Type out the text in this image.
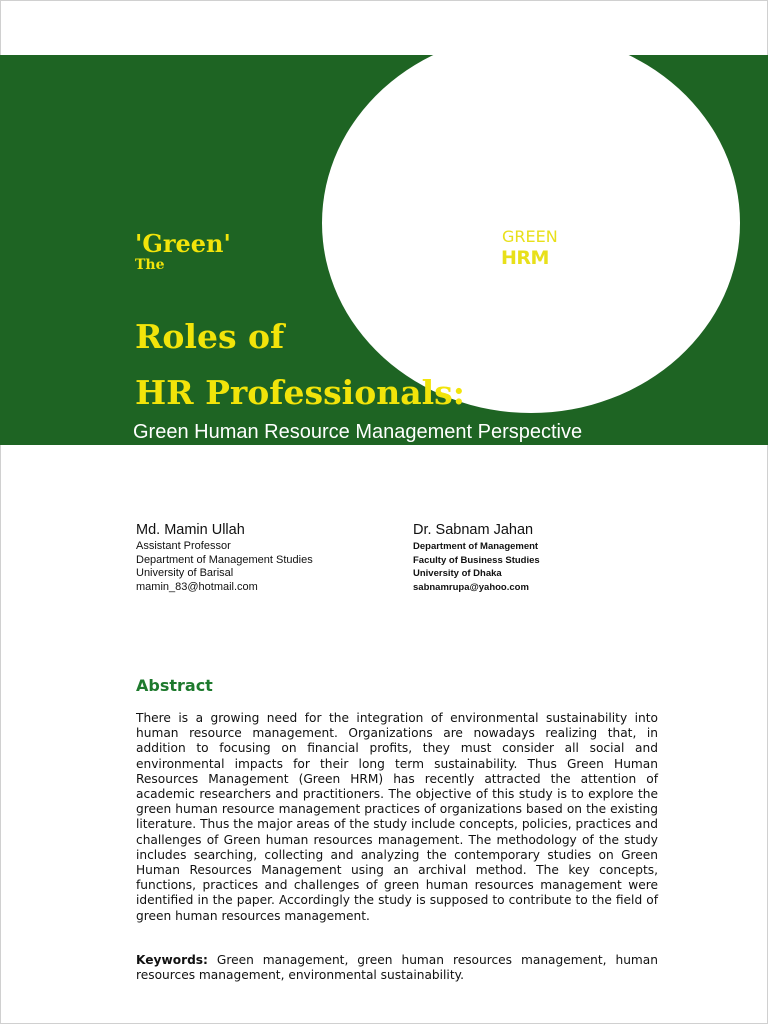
GREEN
HRM
'Green'
The
Roles of
HR Professionals:
Green Human Resource Management Perspective
Md. Mamin Ullah
Assistant Professor
Department of Management Studies
University of Barisal
mamin_83@hotmail.com
Dr. Sabnam Jahan
Department of Management
Faculty of Business Studies
University of Dhaka
sabnamrupa@yahoo.com
Abstract

There is a growing need for the integration of environmental sustainability into human resource management. Organizations are nowadays realizing that, in addition to focusing on financial profits, they must consider all social and environmental impacts for their long term sustainability. Thus Green Human Resources Management (Green HRM) has recently attracted the attention of academic researchers and practitioners. The objective of this study is to explore the green human resource management practices of organizations based on the existing literature. Thus the major areas of the study include concepts, policies, practices and challenges of Green human resources management. The methodology of the study includes searching, collecting and analyzing the contemporary studies on Green Human Resources Management using an archival method. The key concepts, functions, practices and challenges of green human resources management were identified in the paper. Accordingly the study is supposed to contribute to the field of green human resources management.

Keywords: Green management, green human resources management, human resources management, environmental sustainability.
